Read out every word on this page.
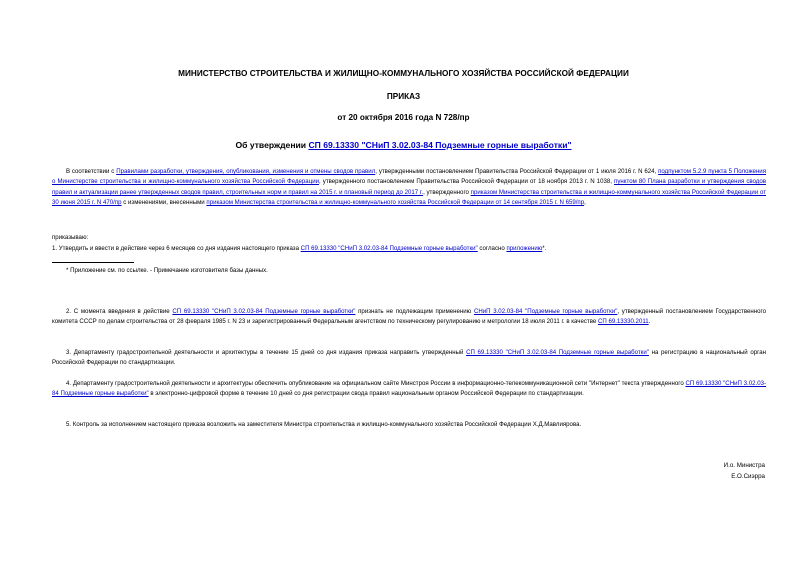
МИНИСТЕРСТВО СТРОИТЕЛЬСТВА И ЖИЛИЩНО-КОММУНАЛЬНОГО ХОЗЯЙСТВА РОССИЙСКОЙ ФЕДЕРАЦИИ
ПРИКАЗ
от 20 октября 2016 года N 728/пр
Об утверждении СП 69.13330 "СНиП 3.02.03-84 Подземные горные выработки"
В соответствии с Правилами разработки, утверждения, опубликования, изменения и отмены сводов правил, утвержденными постановлением Правительства Российской Федерации от 1 июля 2016 г. N 624, подпунктом 5.2.9 пункта 5 Положения о Министерстве строительства и жилищно-коммунального хозяйства Российской Федерации, утвержденного постановлением Правительства Российской Федерации от 18 ноября 2013 г. N 1038, пунктом 80 Плана разработки и утверждения сводов правил и актуализации ранее утвержденных сводов правил, строительных норм и правил на 2015 г. и плановый период до 2017 г., утвержденного приказом Министерства строительства и жилищно-коммунального хозяйства Российской Федерации от 30 июня 2015 г. N 470/пр с изменениями, внесенными приказом Министерства строительства и жилищно-коммунального хозяйства Российской Федерации от 14 сентября 2015 г. N 659/пр,
приказываю:
1. Утвердить и ввести в действие через 6 месяцев со дня издания настоящего приказа СП 69.13330 "СНиП 3.02.03-84 Подземные горные выработки" согласно приложению*.
* Приложение см. по ссылке. - Примечание изготовителя базы данных.
2. С момента введения в действие СП 69.13330 "СНиП 3.02.03-84 Подземные горные выработки" признать не подлежащим применению СНиП 3.02.03-84 "Подземные горные выработки", утвержденный постановлением Государственного комитета СССР по делам строительства от 28 февраля 1985 г. N 23 и зарегистрированный Федеральным агентством по техническому регулированию и метрологии 18 июля 2011 г. в качестве СП 69.13330.2011.
3. Департаменту градостроительной деятельности и архитектуры в течение 15 дней со дня издания приказа направить утвержденный СП 69.13330 "СНиП 3.02.03-84 Подземные горные выработки" на регистрацию в национальный орган Российской Федерации по стандартизации.
4. Департаменту градостроительной деятельности и архитектуры обеспечить опубликование на официальном сайте Минстроя России в информационно-телекоммуникационной сети "Интернет" текста утвержденного СП 69.13330 "СНиП 3.02.03-84 Подземные горные выработки" в электронно-цифровой форме в течение 10 дней со дня регистрации свода правил национальным органом Российской Федерации по стандартизации.
5. Контроль за исполнением настоящего приказа возложить на заместителя Министра строительства и жилищно-коммунального хозяйства Российской Федерации Х.Д.Мавлиярова.
И.о. Министра
Е.О.Сиэрра
